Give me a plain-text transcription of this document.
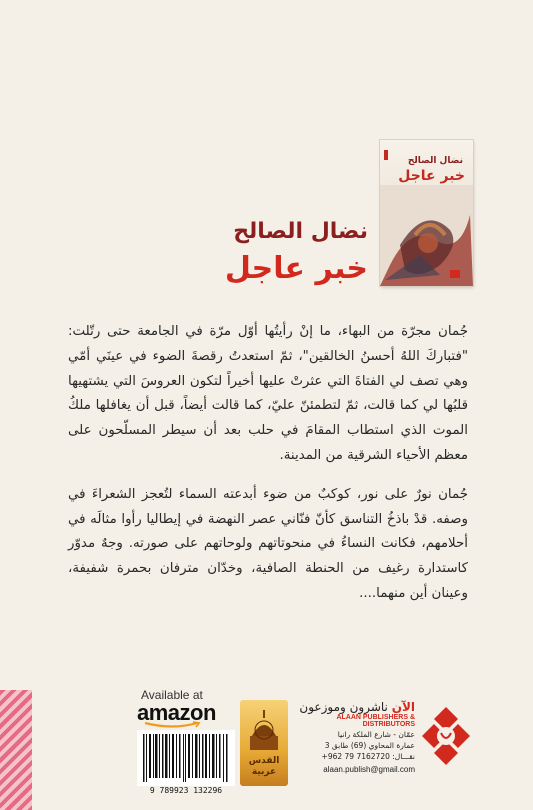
نضال الصالح
خبر عاجل
نضال الصالح
خبر عاجل

جُمان مجرّة من البهاء، ما إنْ رأيتُها أوّل مرّة في الجامعة حتى رتّلت: "فتباركَ اللهُ أحسنُ الخالقين"، ثمّ استعدتُ رقصةَ الضوء في عينَي أمّي وهي تصف لي الفتاةَ التي عثرتْ عليها أخيراً لتكون العروسَ التي يشتهيها قلبُها لي كما قالت، ثمّ لتطمئنّ عليّ، كما قالت أيضاً، قبل أن يغافلها ملكُ الموت الذي استطاب المقامَ في حلب بعد أن سيطر المسلّحون على معظم الأحياء الشرقية من المدينة.

جُمان نورٌ على نور، كوكبٌ من ضوء أبدعته السماء لتُعجز الشعراءَ في وصفه. قدْ باذخُ التناسق كأنّ فنّاني عصر النهضة في إيطاليا رأوا مثالَه في أحلامهم، فكانت النساءُ في منحوتاتهم ولوحاتهم على صورته. وجهٌ مدوّر كاستدارة رغيف من الحنطة الصافية، وخدّان مترفان بحمرة شفيفة، وعينان أين منهما....

Available at
amazon
9 789923 132296
القدس
عربية
الآن ناشرون وموزعون
ALAAN PUBLISHERS & DISTRIBUTORS
عمّان - شارع الملكة رانيا
عمارة المحاوي (69) طابق 3
نقـــال: 7162720 79 962+
alaan.publish@gmail.com
